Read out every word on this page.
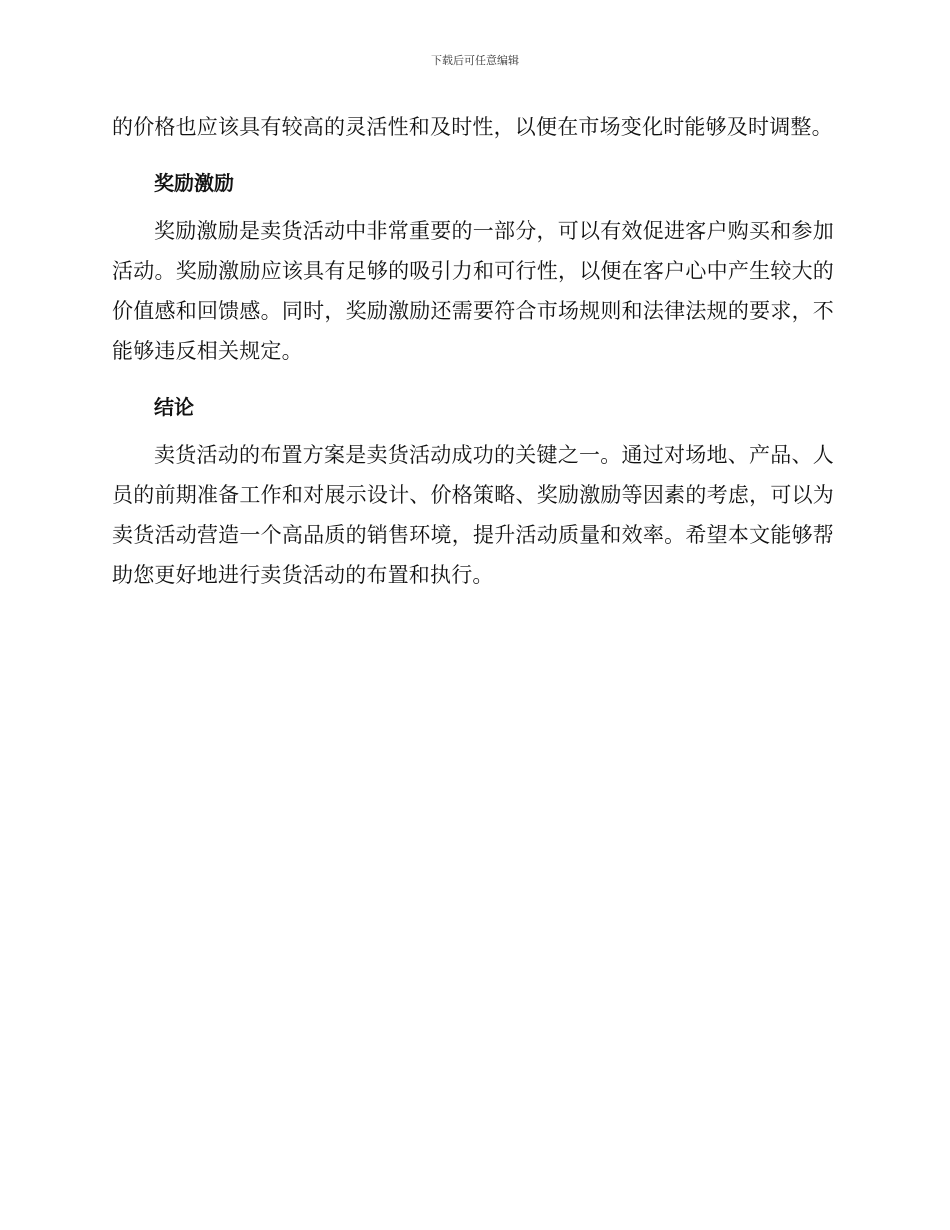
下载后可任意编辑

的价格也应该具有较高的灵活性和及时性，以便在市场变化时能够及时调整。

奖励激励

奖励激励是卖货活动中非常重要的一部分，可以有效促进客户购买和参加活动。奖励激励应该具有足够的吸引力和可行性，以便在客户心中产生较大的价值感和回馈感。同时，奖励激励还需要符合市场规则和法律法规的要求，不能够违反相关规定。

结论

卖货活动的布置方案是卖货活动成功的关键之一。通过对场地、产品、人员的前期准备工作和对展示设计、价格策略、奖励激励等因素的考虑，可以为卖货活动营造一个高品质的销售环境，提升活动质量和效率。希望本文能够帮助您更好地进行卖货活动的布置和执行。
